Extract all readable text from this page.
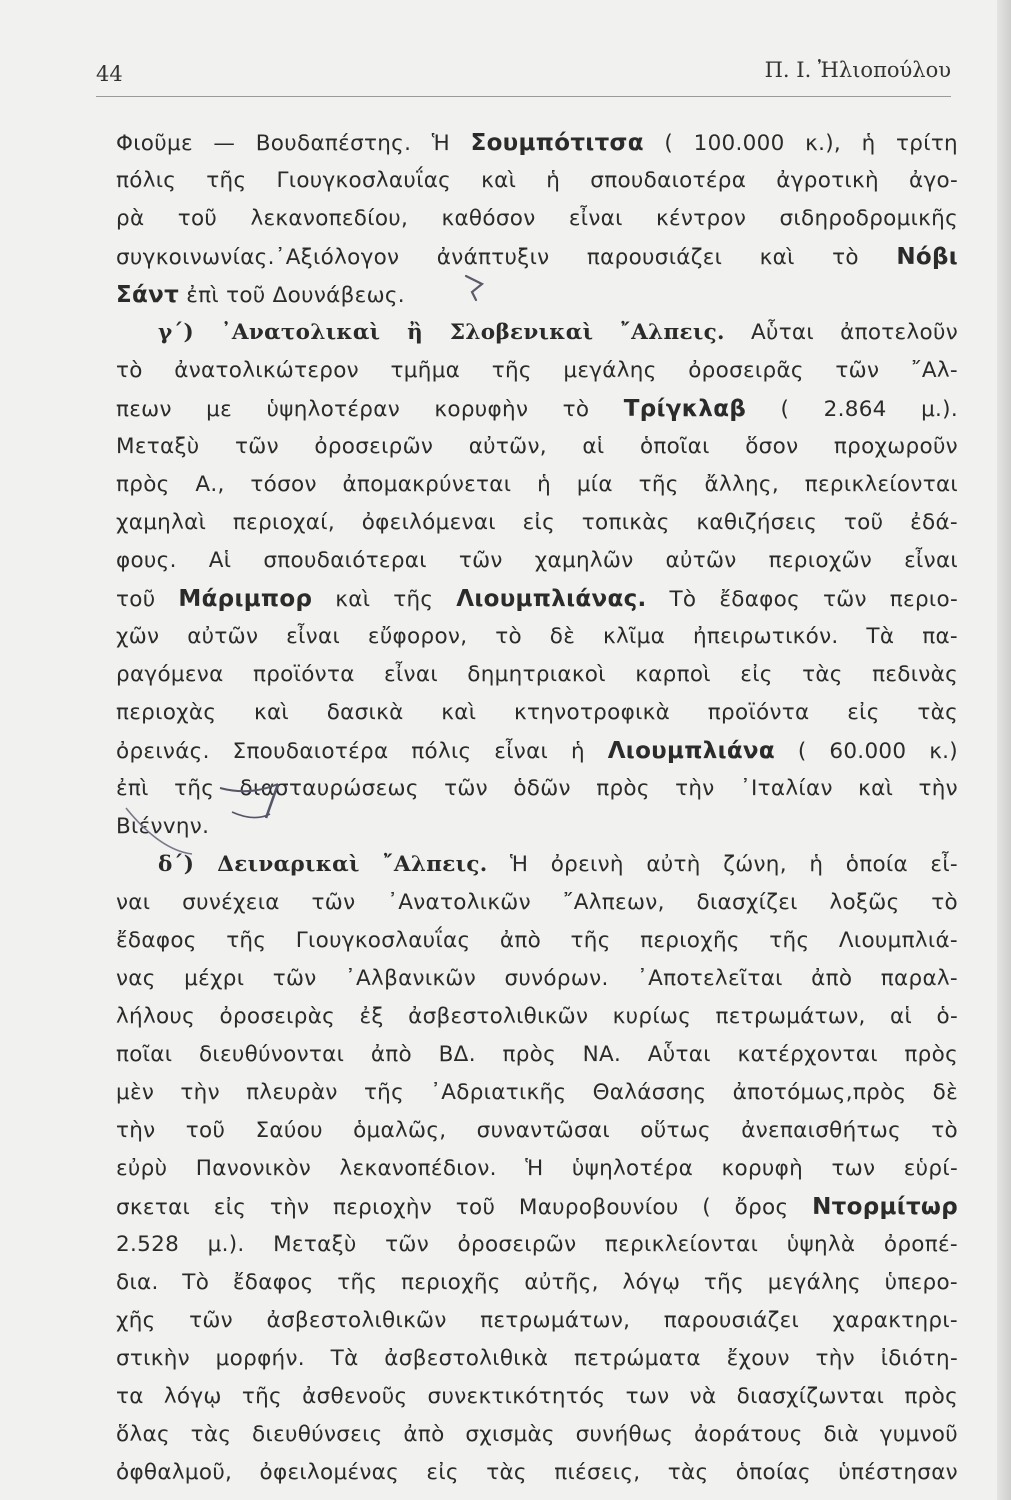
44	Π. Ι. Ἠλιοπούλου
Φιοῦμε — Βουδαπέστης. Ἡ Σουμπότιτσα ( 100.000 κ.), ἡ τρίτη
πόλις τῆς Γιουγκοσλαυΐας καὶ ἡ σπουδαιοτέρα ἀγροτικὴ ἀγο-
ρὰ τοῦ λεκανοπεδίου, καθόσον εἶναι κέντρον σιδηροδρομικῆς
συγκοινωνίας.᾿Αξιόλογον ἀνάπτυξιν παρουσιάζει καὶ τὸ Νόβι
Σάντ ἐπὶ τοῦ Δουνάβεως.
γ΄) ᾿Ανατολικαὶ ἢ Σλοβενικαὶ ῎Αλπεις. Αὗται ἀποτελοῦν
τὸ ἀνατολικώτερον τμῆμα τῆς μεγάλης ὀροσειρᾶς τῶν ῎Αλ-
πεων με ὑψηλοτέραν κορυφὴν τὸ Τρίγκλαβ ( 2.864 μ.).
Μεταξὺ τῶν ὀροσειρῶν αὐτῶν, αἱ ὁποῖαι ὅσον προχωροῦν
πρὸς Α., τόσον ἀπομακρύνεται ἡ μία τῆς ἄλλης, περικλείονται
χαμηλαὶ περιοχαί, ὀφειλόμεναι εἰς τοπικὰς καθιζήσεις τοῦ ἐδά-
φους. Αἱ σπουδαιότεραι τῶν χαμηλῶν αὐτῶν περιοχῶν εἶναι
τοῦ Μάριμπορ καὶ τῆς Λιουμπλιάνας. Τὸ ἔδαφος τῶν περιο-
χῶν αὐτῶν εἶναι εὔφορον, τὸ δὲ κλῖμα ἠπειρωτικόν. Τὰ πα-
ραγόμενα προϊόντα εἶναι δημητριακοὶ καρποὶ εἰς τὰς πεδινὰς
περιοχὰς καὶ δασικὰ καὶ κτηνοτροφικὰ προϊόντα εἰς τὰς
ὀρεινάς. Σπουδαιοτέρα πόλις εἶναι ἡ Λιουμπλιάνα ( 60.000 κ.)
ἐπὶ τῆς διασταυρώσεως τῶν ὁδῶν πρὸς τὴν ᾿Ιταλίαν καὶ τὴν
Βιένvην.
δ΄) Δειναρικαὶ ῎Αλπεις. Ἡ ὀρεινὴ αὐτὴ ζώνη, ἡ ὁποία εἶ-
ναι συνέχεια τῶν ᾿Ανατολικῶν ῎Αλπεων, διασχίζει λοξῶς τὸ
ἔδαφος τῆς Γιουγκοσλαυΐας ἀπὸ τῆς περιοχῆς τῆς Λιουμπλιά-
νας μέχρι τῶν ᾿Αλβανικῶν συνόρων. ᾿Αποτελεῖται ἀπὸ παραλ-
λήλους ὀροσειρὰς ἐξ ἀσβεστολιθικῶν κυρίως πετρωμάτων, αἱ ὁ-
ποῖαι διευθύνονται ἀπὸ ΒΔ. πρὸς ΝΑ. Αὗται κατέρχονται πρὸς
μὲν τὴν πλευρὰν τῆς ᾿Αδριατικῆς Θαλάσσης ἀποτόμως,πρὸς δὲ
τὴν τοῦ Σαύου ὁμαλῶς, συναντῶσαι οὕτως ἀνεπαισθήτως τὸ
εὐρὺ Πανονικὸν λεκανοπέδιον. Ἡ ὑψηλοτέρα κορυφὴ των εὑρί-
σκεται εἰς τὴν περιοχὴν τοῦ Μαυροβουνίου ( ὄρος Ντορμίτωρ
2.528 μ.). Μεταξὺ τῶν ὀροσειρῶν περικλείονται ὑψηλὰ ὀροπέ-
δια. Τὸ ἔδαφος τῆς περιοχῆς αὐτῆς, λόγῳ τῆς μεγάλης ὑπερο-
χῆς τῶν ἀσβεστολιθικῶν πετρωμάτων, παρουσιάζει χαρακτηρι-
στικὴν μορφήν. Τὰ ἀσβεστολιθικὰ πετρώματα ἔχουν τὴν ἰδιότη-
τα λόγῳ τῆς ἀσθενοῦς συνεκτικότητός των νὰ διασχίζωνται πρὸς
ὅλας τὰς διευθύνσεις ἀπὸ σχισμὰς συνήθως ἀοράτους διὰ γυμνοῦ
ὀφθαλμοῦ, ὀφειλομένας εἰς τὰς πιέσεις, τὰς ὁποίας ὑπέστησαν
